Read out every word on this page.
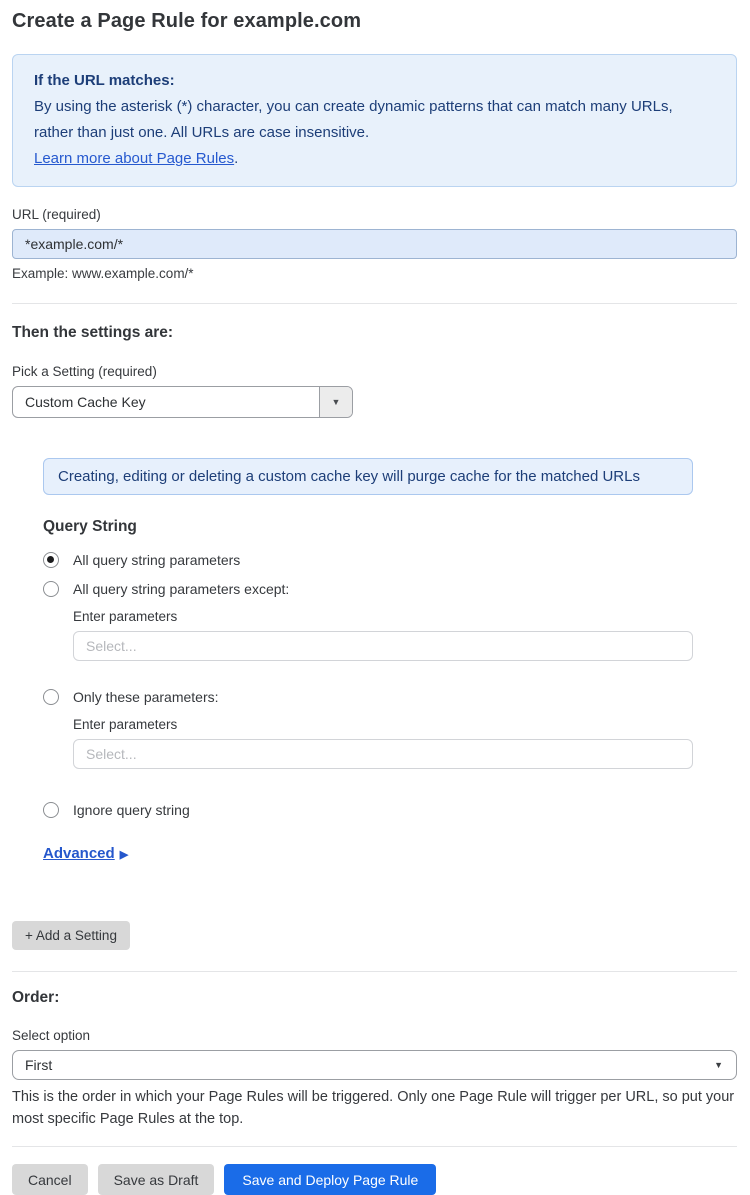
Create a Page Rule for example.com
If the URL matches:
By using the asterisk (*) character, you can create dynamic patterns that can match many URLs, rather than just one. All URLs are case insensitive.
Learn more about Page Rules.
URL (required)
*example.com/*
Example: www.example.com/*
Then the settings are:
Pick a Setting (required)
Custom Cache Key	▼
Creating, editing or deleting a custom cache key will purge cache for the matched URLs
Query String
All query string parameters
All query string parameters except:
Enter parameters
Select...
Only these parameters:
Enter parameters
Select...
Ignore query string
Advanced ▶
+ Add a Setting
Order:
Select option
First	▼
This is the order in which your Page Rules will be triggered. Only one Page Rule will trigger per URL, so put your most specific Page Rules at the top.
Cancel	Save as Draft	Save and Deploy Page Rule
